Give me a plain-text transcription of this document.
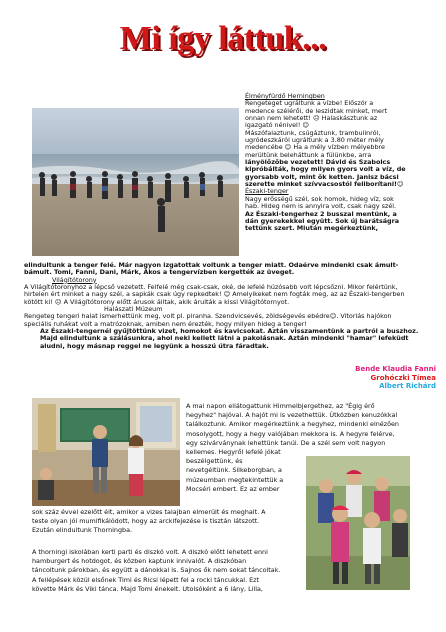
Mi így láttuk...

Élményfürdő Herningben

Rengeteget ugráltunk a vízbe! Először a

medence szélérői, de leszidtak minket, mert

onnan nem lehetett! ☹ Halaskásztunk az

igazgató nénivel! ☺

Mászófalaztunk, csúgáztunk, trambulinról,

ugródeszkáról ugráltunk a 3.80 méter mély

medencébe ☺ Ha a mély vízben mélyebbre

merültünk beleháttunk a fülünkbe, arra

lányölőzőbe vezetett! Dávid és Szabolcs

kipróbálták, hogy milyen gyors volt a víz, de

gyorsabb volt, mint ők ketten. Janisz bácsi

szerette minket szívvacsostól feliborítani!☺

Északi-tenger

Nagy erősségű szél, sok homok, hideg víz, sok

hab. Hideg nem is annyira volt, csak nagy szél.

Az Északi-tengerhez 2 busszal mentünk, a

dán gyerekekkel együtt. Sok új barátságra

tettünk szert. Miután megérkeztünk,

elinduItunk a tenger felé. Már nagyon izgatottak voltunk a tenger miatt. Odaérve mindenki csak ámult-

bámult. Tomi, Fanni, Dani, Márk, Ákos a tengervízben kergették az üveget.

Világítótorony

A Világítótoronyhoz a lépcső vezetett. Felfelé még csak-csak, oké, de lefelé húzósabb volt lépcsőzni. Mikor felértünk,

hirtelen ért minket a nagy szél, a sapkák csak úgy repkedtek! ☺ Amelyikeket nem fogták meg, az az Északi-tengerben

kötött ki! ☹ A Világítótorony előtt árusok álltak, akik árulták a kissi Világítótornyot.

Halászati Múzeum

Rengeteg tengeri halat ismerhettünk meg, volt pl. piranha. Szendvicsevés, zöldségevés ebédre☺. Vitorlás hajókon

speciális ruhákat volt a matrózoknak, amiben nem érezték, hogy milyen hideg a tenger!

Az Északi-tengernél gyűjtöttünk vizet, homokot és kavicsokat. Aztán visszamentünk a partról a buszhoz.

Majd elindultunk a szálásunkra, ahol neki kellett látni a pakolásnak. Aztán mindenki "hamar" lefeküdt

aludni, hogy másnap reggel ne legyünk a hosszú útra fáradtak.

Bende Klaudia Fanni
Grohóczki Tímea
Albert Richárd

A mai napon ellátogattunk Himmelbjergethez, az "Égig érő

hegyhez" hajóval. A hajót mi is vezethettük. Útközben kenuzókkal

találkoztunk. Amikor megérkeztünk a hegyhez, mindenki elnézően

mosolygott, hogy a hegy valójában mekkora is. A hegyre felérve,

egy szivárványnak lehettünk tanúi. De a szél sem volt nagyon

kellemes. Hegyről lefelé jókat

beszélgettünk, és

nevetgéltünk. Silkeborgban, a

múzeumban megtekintettük a

Mocséri embert. Ez az ember

sok száz évvel ezelőtt élt, amikor a vizes talajban elmerült és meghalt. A

teste olyan jól mumifikálódott, hogy az arckifejezése is tisztán látszott.

Ezután elindultunk Thorningba.

A thorningi iskolában kerti parti és diszkó volt. A diszkó előtt lehetett enni

hamburgert és hotdogot, és közben kaptunk innivalót. A diszkóban

táncoltunk párokban, és együtt a dánokkal is. Sajnos ők nem sokat táncoltak.

A fellépések közül elsőnek Timi és Ricsi lépett fel a rocki táncukkal. Ezt

követte Márk és Viki tánca. Majd Tomi énekelt. Utolsóként a 6 lány, Lilla,
